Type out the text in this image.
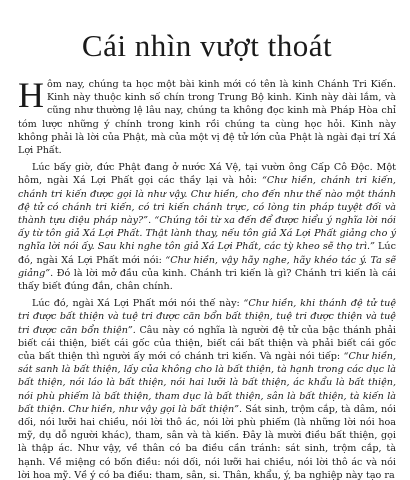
Cái nhìn vượt thoát

Hôm nay, chúng ta học một bài kinh mới có tên là kinh Chánh Tri Kiến. Kinh này thuộc kinh số chín trong Trung Bộ kinh. Kinh này dài lắm, và cũng như thường lệ lâu nay, chúng ta không đọc kinh mà Pháp Hòa chỉ tóm lược những ý chính trong kinh rồi chúng ta cùng học hỏi. Kinh này không phải là lời của Phật, mà của một vị đệ tử lớn của Phật là ngài đại trí Xá Lợi Phất.

Lúc bấy giờ, đức Phật đang ở nước Xá Vệ, tại vườn ông Cấp Cô Độc. Một hôm, ngài Xá Lợi Phất gọi các thầy lại và hỏi: “Chư hiền, chánh tri kiến, chánh tri kiến được gọi là như vậy. Chư hiền, cho đến như thế nào một thánh đệ tử có chánh tri kiến, có tri kiến chánh trực, có lòng tin pháp tuyệt đối và thành tựu diệu pháp này?”. “Chúng tôi từ xa đến để được hiểu ý nghĩa lời nói ấy từ tôn giả Xá Lợi Phất. Thật lành thay, nếu tôn giả Xá Lợi Phất giảng cho ý nghĩa lời nói ấy. Sau khi nghe tôn giả Xá Lợi Phất, các tỳ kheo sẽ thọ trì.” Lúc đó, ngài Xá Lợi Phất mới nói: “Chư hiền, vậy hãy nghe, hãy khéo tác ý. Ta sẽ giảng”. Đó là lời mở đầu của kinh. Chánh tri kiến là gì? Chánh tri kiến là cái thấy biết đúng đắn, chân chính.

Lúc đó, ngài Xá Lợi Phất mới nói thế này: “Chư hiền, khi thánh đệ tử tuệ tri được bất thiện và tuệ tri được căn bổn bất thiện, tuệ tri được thiện và tuệ tri được căn bổn thiện”. Câu này có nghĩa là người đệ tử của bậc thánh phải biết cái thiện, biết cái gốc của thiện, biết cái bất thiện và phải biết cái gốc của bất thiện thì người ấy mới có chánh tri kiến. Và ngài nói tiếp: “Chư hiền, sát sanh là bất thiện, lấy của không cho là bất thiện, tà hạnh trong các dục là bất thiện, nói láo là bất thiện, nói hai lưỡi là bất thiện, ác khẩu là bất thiện, nói phù phiếm là bất thiện, tham dục là bất thiện, sân là bất thiện, tà kiến là bất thiện. Chư hiền, như vậy gọi là bất thiện”. Sát sinh, trộm cắp, tà dâm, nói dối, nói lưỡi hai chiều, nói lời thô ác, nói lời phù phiếm (là những lời nói hoa mỹ, dụ dỗ người khác), tham, sân và tà kiến. Đây là mười điều bất thiện, gọi là thập ác. Như vậy, về thân có ba điều cần tránh: sát sinh, trộm cắp, tà hạnh. Về miệng có bốn điều: nói dối, nói lưỡi hai chiều, nói lời thô ác và nói lời hoa mỹ. Về ý có ba điều: tham, sân, si. Thân, khẩu, ý, ba nghiệp này tạo ra
